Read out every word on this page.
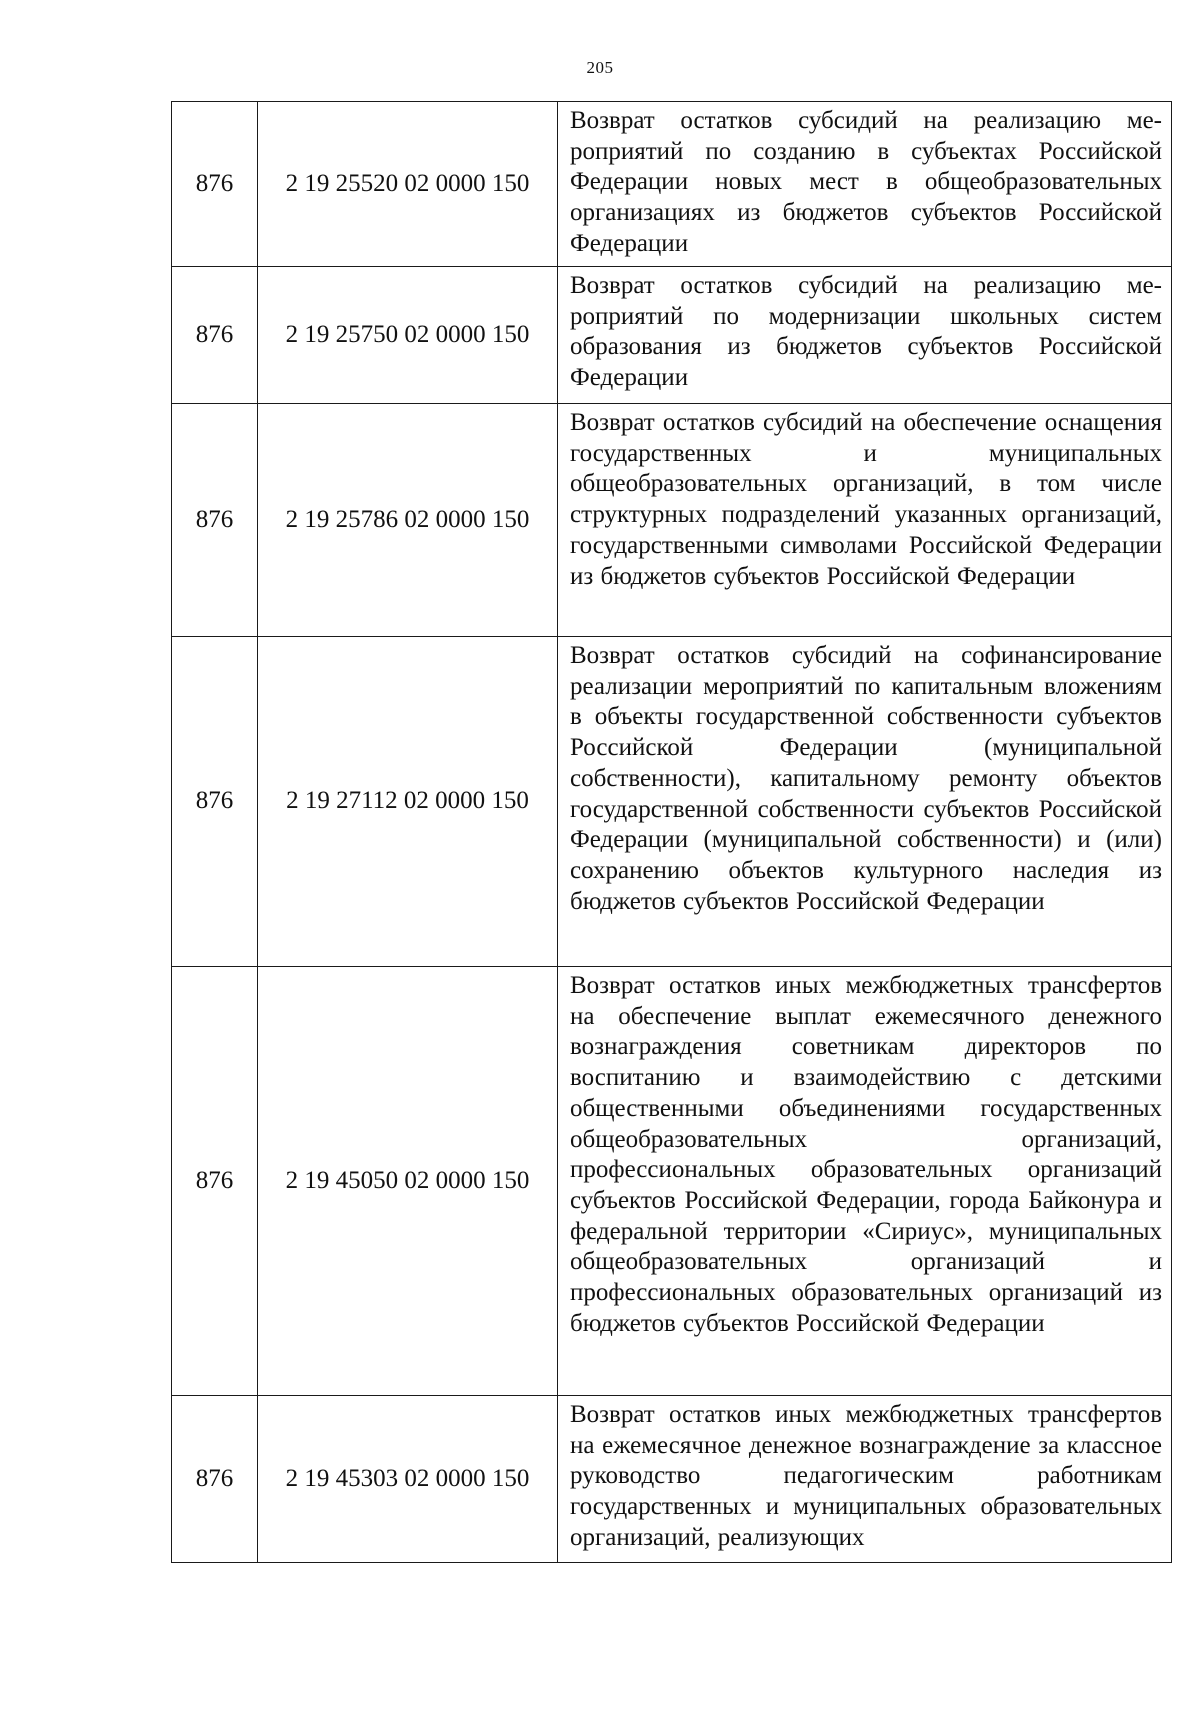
205
876	2 19 25520 02 0000 150	Возврат остатков субсидий на реализацию мероприятий по созданию в субъектах Российской Федерации новых мест в общеобразовательных организациях из бюджетов субъектов Российской Федерации
876	2 19 25750 02 0000 150	Возврат остатков субсидий на реализацию мероприятий по модернизации школьных систем образования из бюджетов субъектов Российской Федерации
876	2 19 25786 02 0000 150	Возврат остатков субсидий на обеспечение оснащения государственных и муниципальных общеобразовательных организаций, в том числе структурных подразделений указанных организаций, государственными символами Российской Федерации из бюджетов субъектов Российской Федерации
876	2 19 27112 02 0000 150	Возврат остатков субсидий на софинансирование реализации мероприятий по капитальным вложениям в объекты государственной собственности субъектов Российской Федерации (муниципальной собственности), капитальному ремонту объектов государственной собственности субъектов Российской Федерации (муниципальной собственности) и (или) сохранению объектов культурного наследия из бюджетов субъектов Российской Федерации
876	2 19 45050 02 0000 150	Возврат остатков иных межбюджетных трансфертов на обеспечение выплат ежемесячного денежного вознаграждения советникам директоров по воспитанию и взаимодействию с детскими общественными объединениями государственных общеобразовательных организаций, профессиональных образовательных организаций субъектов Российской Федерации, города Байконура и федеральной территории «Сириус», муниципальных общеобразовательных организаций и профессиональных образовательных организаций из бюджетов субъектов Российской Федерации
876	2 19 45303 02 0000 150	Возврат остатков иных межбюджетных трансфертов на ежемесячное денежное вознаграждение за классное руководство педагогическим работникам государственных и муниципальных образовательных организаций, реализующих
